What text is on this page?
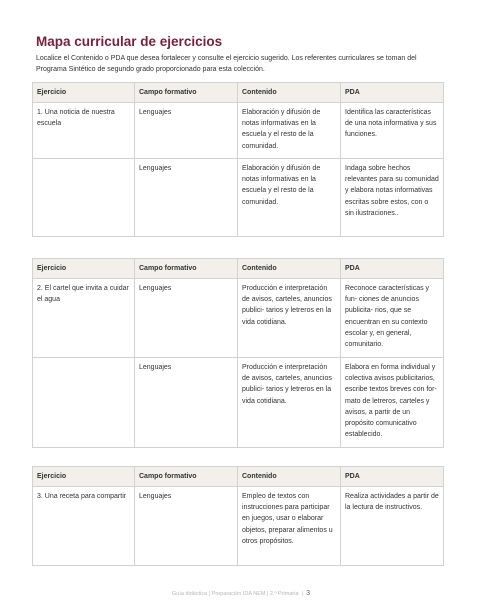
Mapa curricular de ejercicios
Localice el Contenido o PDA que desea fortalecer y consulte el ejercicio sugerido. Los referentes curriculares se toman del Programa Sintético de segundo grado proporcionado para esta colección.
Ejercicio	Campo formativo	Contenido	PDA
1. Una noticia de nuestra escuela	Lenguajes	Elaboración y difusión de notas informativas en la escuela y el resto de la comunidad.	Identifica las características de una nota informativa y sus funciones.
	Lenguajes	Elaboración y difusión de notas informativas en la escuela y el resto de la comunidad.	Indaga sobre hechos relevantes para su comunidad y elabora notas informativas escritas sobre estos, con o sin ilustraciones..
Ejercicio	Campo formativo	Contenido	PDA
2. El cartel que invita a cuidar el agua	Lenguajes	Producción e interpretación de avisos, carteles, anuncios publici- tarios y letreros en la vida cotidiana.	Reconoce características y fun- ciones de anuncios publicita- rios, que se encuentran en su contexto escolar y, en general, comunitario.
	Lenguajes	Producción e interpretación de avisos, carteles, anuncios publici- tarios y letreros en la vida cotidiana.	Elabora en forma individual y colectiva avisos publicitarios, escribe textos breves con for- mato de letreros, carteles y avisos, a partir de un propósito comunicativo establecido.
Ejercicio	Campo formativo	Contenido	PDA
3. Una receta para compartir	Lenguajes	Empleo de textos con instrucciones para participar en juegos, usar o elaborar objetos, preparar alimentos u otros propósitos.	Realiza actividades a partir de la lectura de instructivos.
Guía didáctica | Preparación IDA NEM | 2.º Primaria | 3
